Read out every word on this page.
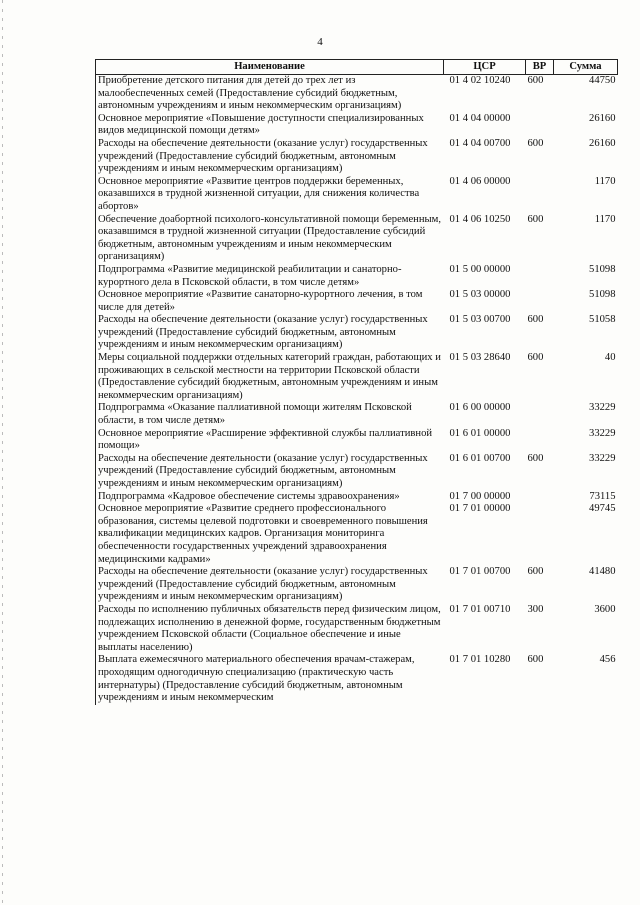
4
Наименование	ЦСР	ВР	Сумма
Приобретение детского питания для детей до трех лет из малообеспеченных семей (Предоставление субсидий бюджетным, автономным учреждениям и иным некоммерческим организациям)	01 4 02 10240	600	44750
Основное мероприятие «Повышение доступности специализированных видов медицинской помощи детям»	01 4 04 00000		26160
Расходы на обеспечение деятельности (оказание услуг) государственных учреждений (Предоставление субсидий бюджетным, автономным учреждениям и иным некоммерческим организациям)	01 4 04 00700	600	26160
Основное мероприятие «Развитие центров поддержки беременных, оказавшихся в трудной жизненной ситуации, для снижения количества абортов»	01 4 06 00000		1170
Обеспечение доабортной психолого-консультативной помощи беременным, оказавшимся в трудной жизненной ситуации (Предоставление субсидий бюджетным, автономным учреждениям и иным некоммерческим организациям)	01 4 06 10250	600	1170
Подпрограмма «Развитие медицинской реабилитации и санаторно-курортного дела в Псковской области, в том числе детям»	01 5 00 00000		51098
Основное мероприятие «Развитие санаторно-курортного лечения, в том числе для детей»	01 5 03 00000		51098
Расходы на обеспечение деятельности (оказание услуг) государственных учреждений (Предоставление субсидий бюджетным, автономным учреждениям и иным некоммерческим организациям)	01 5 03 00700	600	51058
Меры социальной поддержки отдельных категорий граждан, работающих и проживающих в сельской местности на территории Псковской области (Предоставление субсидий бюджетным, автономным учреждениям и иным некоммерческим организациям)	01 5 03 28640	600	40
Подпрограмма «Оказание паллиативной помощи жителям Псковской области, в том числе детям»	01 6 00 00000		33229
Основное мероприятие «Расширение эффективной службы паллиативной помощи»	01 6 01 00000		33229
Расходы на обеспечение деятельности (оказание услуг) государственных учреждений (Предоставление субсидий бюджетным, автономным учреждениям и иным некоммерческим организациям)	01 6 01 00700	600	33229
Подпрограмма «Кадровое обеспечение системы здравоохранения»	01 7 00 00000		73115
Основное мероприятие «Развитие среднего профессионального образования, системы целевой подготовки и своевременного повышения квалификации медицинских кадров. Организация мониторинга обеспеченности государственных учреждений здравоохранения медицинскими кадрами»	01 7 01 00000		49745
Расходы на обеспечение деятельности (оказание услуг) государственных учреждений (Предоставление субсидий бюджетным, автономным учреждениям и иным некоммерческим организациям)	01 7 01 00700	600	41480
Расходы по исполнению публичных обязательств перед физическим лицом, подлежащих исполнению в денежной форме, государственным бюджетным учреждением Псковской области (Социальное обеспечение и иные выплаты населению)	01 7 01 00710	300	3600
Выплата ежемесячного материального обеспечения врачам-стажерам, проходящим одногодичную специализацию (практическую часть интернатуры) (Предоставление субсидий бюджетным, автономным учреждениям и иным некоммерческим	01 7 01 10280	600	456
